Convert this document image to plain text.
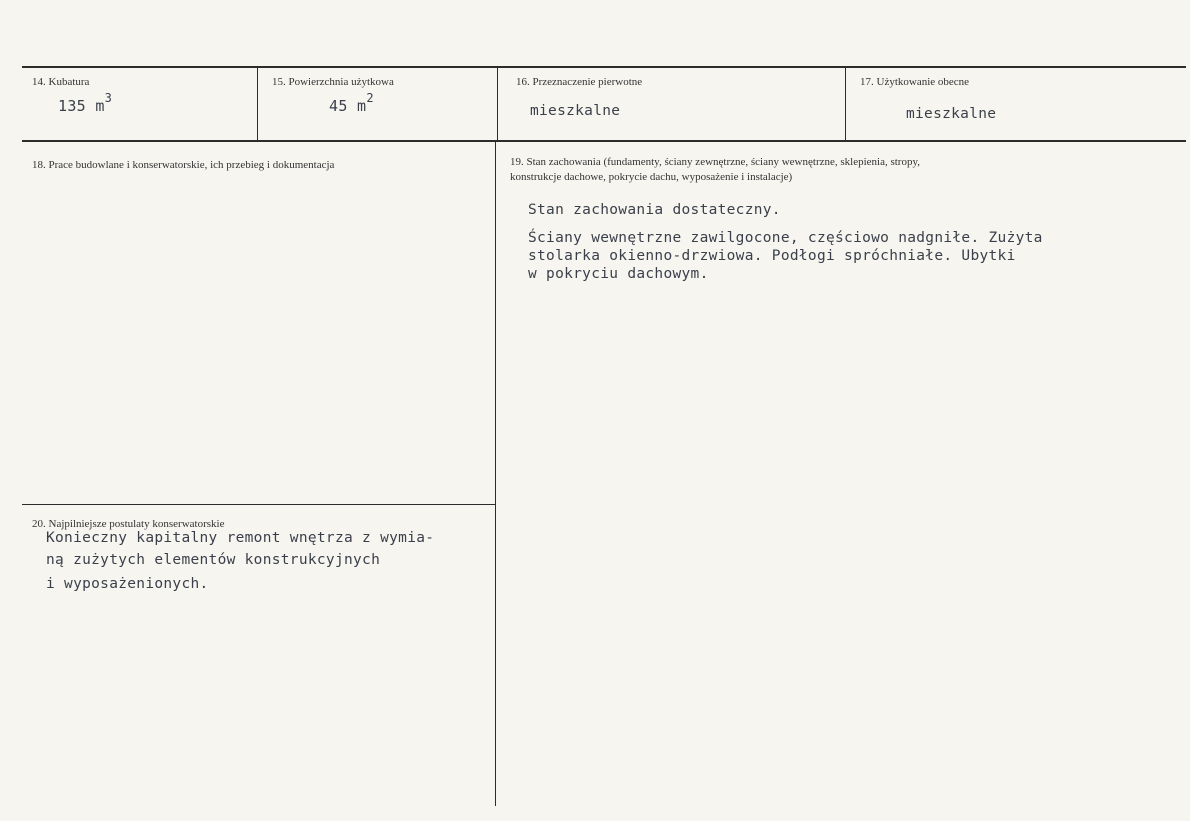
14. Kubatura
135 $m^3$
15. Powierzchnia użytkowa
45 $m^2$
16. Przeznaczenie pierwotne
mieszkalne
17. Użytkowanie obecne
mieszkalne
18. Prace budowlane i konserwatorskie, ich przebieg i dokumentacja	19. Stan zachowania (fundamenty, ściany zewnętrzne, ściany wewnętrzne, sklepienia, stropy,
konstrukcje dachowe, pokrycie dachu, wyposażenie i instalacje)
Stan zachowania dostateczny.
Ściany wewnętrzne zawilgocone, częściowo nadgniłe. Zużyta
stolarka okienno-drzwiowa. Podłogi spróchniałe. Ubytki
w pokryciu dachowym.
20. Najpilniejsze postulaty konserwatorskie
Konieczny kapitalny remont wnętrza z wymia-
ną zużytych elementów konstrukcyjnych
i wyposażenionych.
